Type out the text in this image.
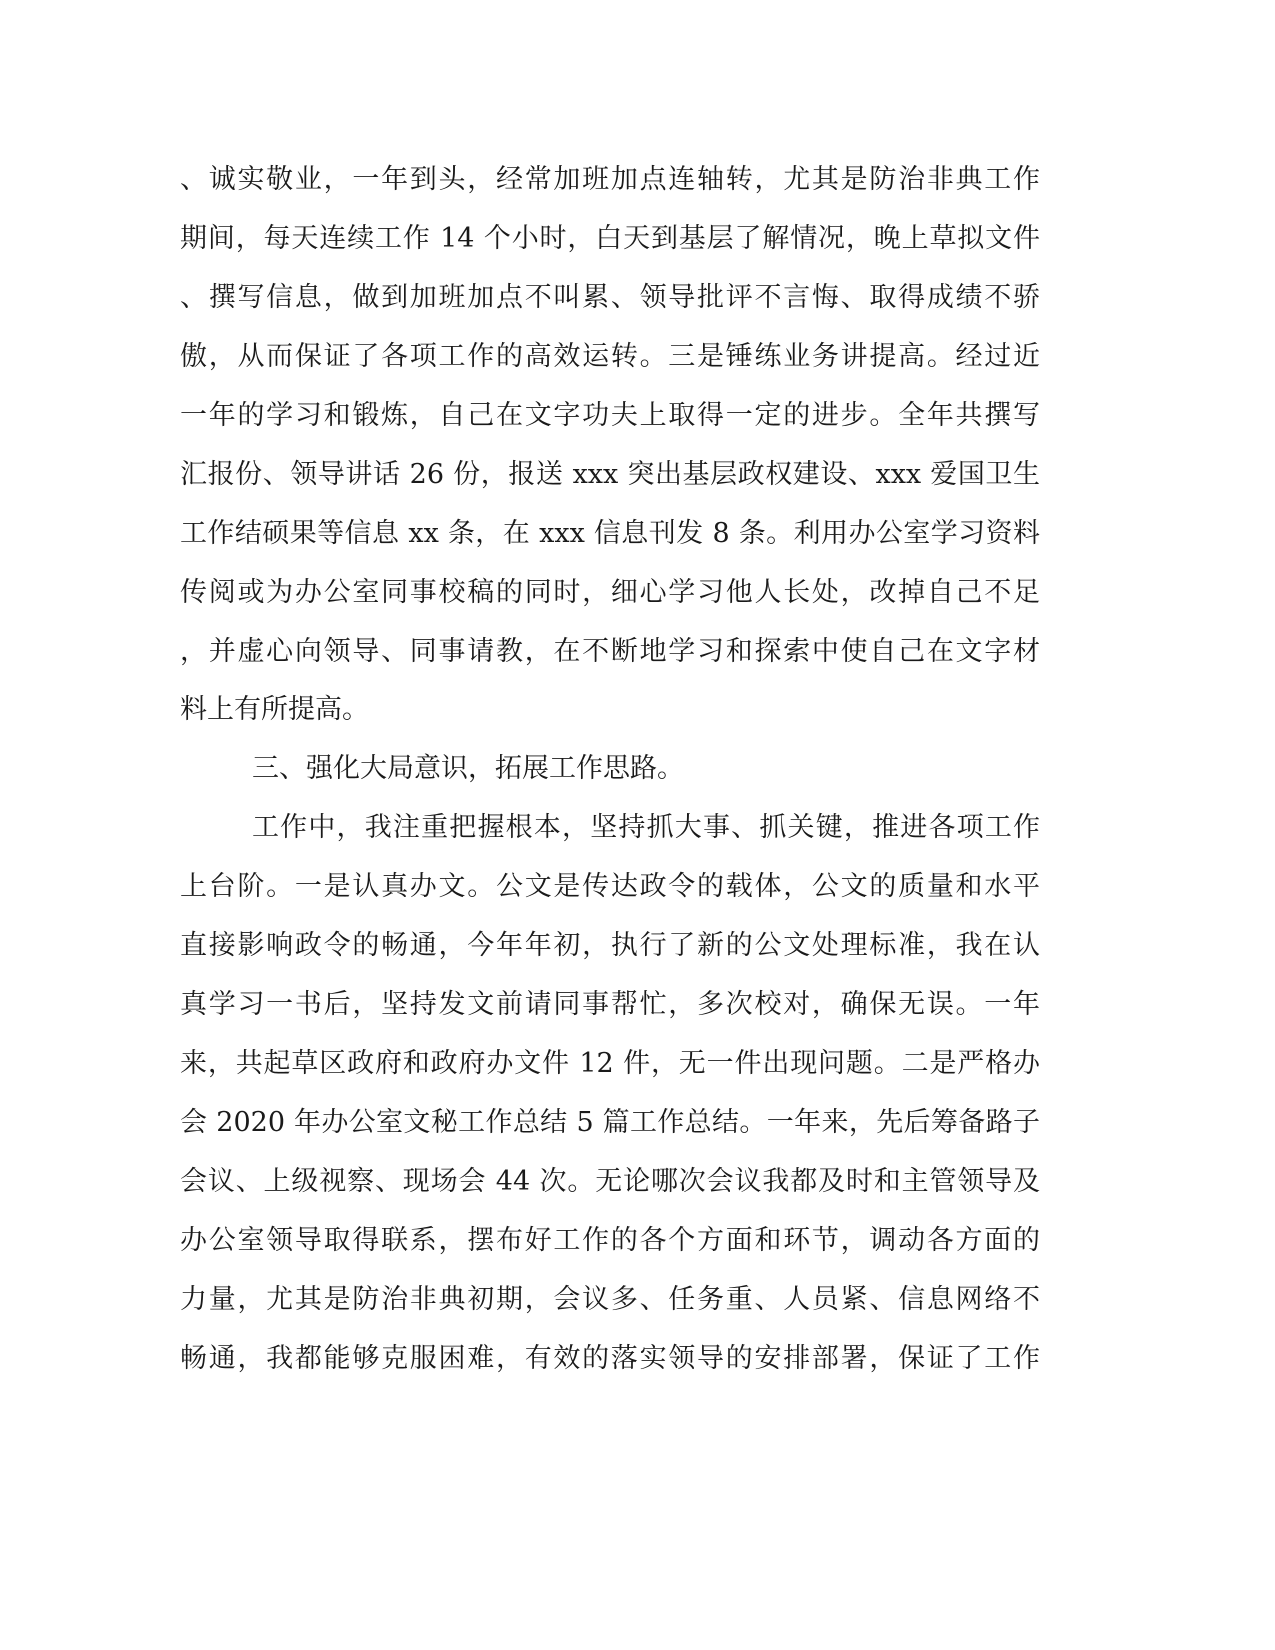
、诚实敬业，一年到头，经常加班加点连轴转，尤其是防治非典工作
期间，每天连续工作 14 个小时，白天到基层了解情况，晚上草拟文件
、撰写信息，做到加班加点不叫累、领导批评不言悔、取得成绩不骄
傲，从而保证了各项工作的高效运转。三是锤练业务讲提高。经过近
一年的学习和锻炼，自己在文字功夫上取得一定的进步。全年共撰写
汇报份、领导讲话 26 份，报送 xxx 突出基层政权建设、xxx 爱国卫生
工作结硕果等信息 xx 条，在 xxx 信息刊发 8 条。利用办公室学习资料
传阅或为办公室同事校稿的同时，细心学习他人长处，改掉自己不足
，并虚心向领导、同事请教，在不断地学习和探索中使自己在文字材
料上有所提高。
三、强化大局意识，拓展工作思路。
工作中，我注重把握根本，坚持抓大事、抓关键，推进各项工作
上台阶。一是认真办文。公文是传达政令的载体，公文的质量和水平
直接影响政令的畅通，今年年初，执行了新的公文处理标准，我在认
真学习一书后，坚持发文前请同事帮忙，多次校对，确保无误。一年
来，共起草区政府和政府办文件 12 件，无一件出现问题。二是严格办
会 2020 年办公室文秘工作总结 5 篇工作总结。一年来，先后筹备路子
会议、上级视察、现场会 44 次。无论哪次会议我都及时和主管领导及
办公室领导取得联系，摆布好工作的各个方面和环节，调动各方面的
力量，尤其是防治非典初期，会议多、任务重、人员紧、信息网络不
畅通，我都能够克服困难，有效的落实领导的安排部署，保证了工作
